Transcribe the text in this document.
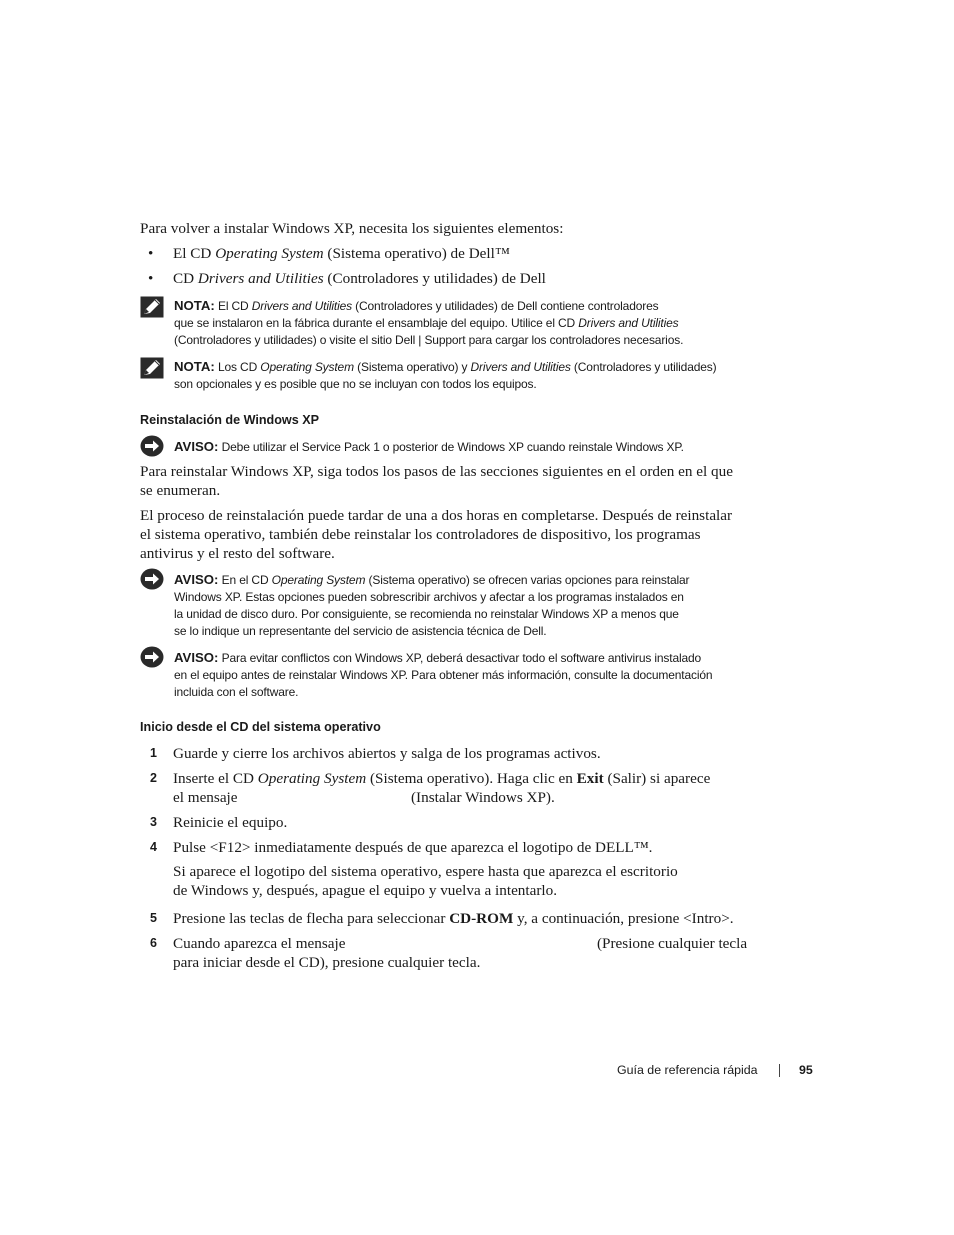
Para volver a instalar Windows XP, necesita los siguientes elementos:
• El CD Operating System (Sistema operativo) de Dell™
• CD Drivers and Utilities (Controladores y utilidades) de Dell
NOTA: El CD Drivers and Utilities (Controladores y utilidades) de Dell contiene controladores
que se instalaron en la fábrica durante el ensamblaje del equipo. Utilice el CD Drivers and Utilities
(Controladores y utilidades) o visite el sitio Dell | Support para cargar los controladores necesarios.
NOTA: Los CD Operating System (Sistema operativo) y Drivers and Utilities (Controladores y utilidades)
son opcionales y es posible que no se incluyan con todos los equipos.
Reinstalación de Windows XP
AVISO: Debe utilizar el Service Pack 1 o posterior de Windows XP cuando reinstale Windows XP.
Para reinstalar Windows XP, siga todos los pasos de las secciones siguientes en el orden en el que
se enumeran.
El proceso de reinstalación puede tardar de una a dos horas en completarse. Después de reinstalar
el sistema operativo, también debe reinstalar los controladores de dispositivo, los programas
antivirus y el resto del software.
AVISO: En el CD Operating System (Sistema operativo) se ofrecen varias opciones para reinstalar
Windows XP. Estas opciones pueden sobrescribir archivos y afectar a los programas instalados en
la unidad de disco duro. Por consiguiente, se recomienda no reinstalar Windows XP a menos que
se lo indique un representante del servicio de asistencia técnica de Dell.
AVISO: Para evitar conflictos con Windows XP, deberá desactivar todo el software antivirus instalado
en el equipo antes de reinstalar Windows XP. Para obtener más información, consulte la documentación
incluida con el software.
Inicio desde el CD del sistema operativo
1 Guarde y cierre los archivos abiertos y salga de los programas activos.
2 Inserte el CD Operating System (Sistema operativo). Haga clic en Exit (Salir) si aparece
el mensaje	(Instalar Windows XP).
3 Reinicie el equipo.
4 Pulse <F12> inmediatamente después de que aparezca el logotipo de DELL™.
Si aparece el logotipo del sistema operativo, espere hasta que aparezca el escritorio
de Windows y, después, apague el equipo y vuelva a intentarlo.
5 Presione las teclas de flecha para seleccionar CD-ROM y, a continuación, presione <Intro>.
6 Cuando aparezca el mensaje	(Presione cualquier tecla
para iniciar desde el CD), presione cualquier tecla.
Guía de referencia rápida	95
